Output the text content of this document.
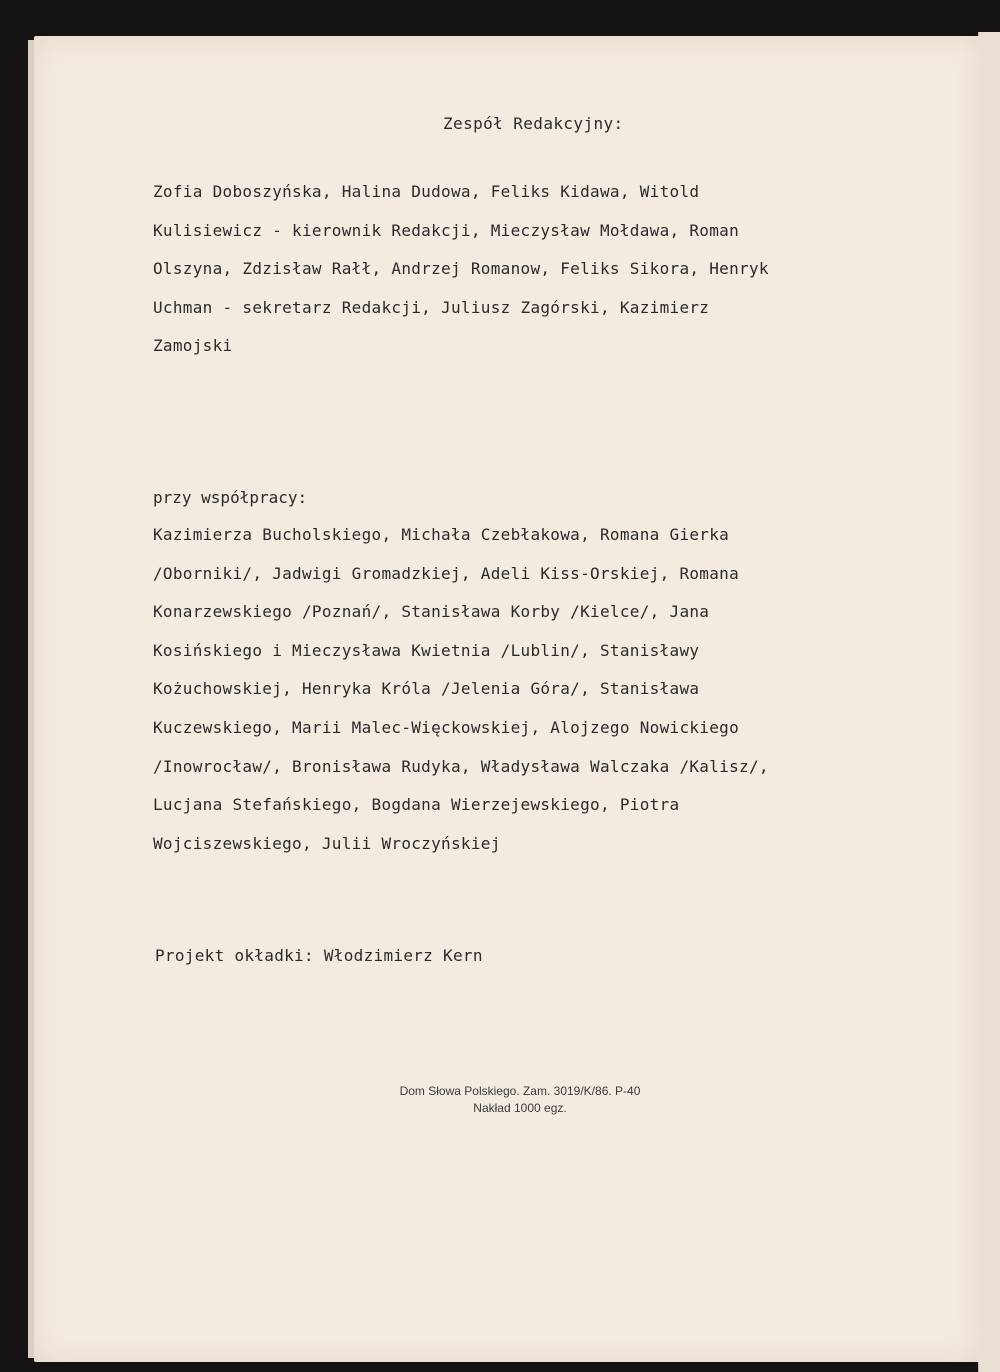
Zespół Redakcyjny:
Zofia Doboszyńska, Halina Dudowa, Feliks Kidawa, Witold
Kulisiewicz - kierownik Redakcji, Mieczysław Mołdawa, Roman
Olszyna, Zdzisław Rałł, Andrzej Romanow, Feliks Sikora, Henryk
Uchman - sekretarz Redakcji, Juliusz Zagórski, Kazimierz
Zamojski
przy współpracy:
Kazimierza Bucholskiego, Michała Czebłakowa, Romana Gierka
/Oborniki/, Jadwigi Gromadzkiej, Adeli Kiss-Orskiej, Romana
Konarzewskiego /Poznań/, Stanisława Korby /Kielce/, Jana
Kosińskiego i Mieczysława Kwietnia /Lublin/, Stanisławy
Kożuchowskiej, Henryka Króla /Jelenia Góra/, Stanisława
Kuczewskiego, Marii Malec-Więckowskiej, Alojzego Nowickiego
/Inowrocław/, Bronisława Rudyka, Władysława Walczaka /Kalisz/,
Lucjana Stefańskiego, Bogdana Wierzejewskiego, Piotra
Wojciszewskiego, Julii Wroczyńskiej
Projekt okładki: Włodzimierz Kern
Dom Słowa Polskiego. Zam. 3019/K/86. P-40
Nakład 1000 egz.
